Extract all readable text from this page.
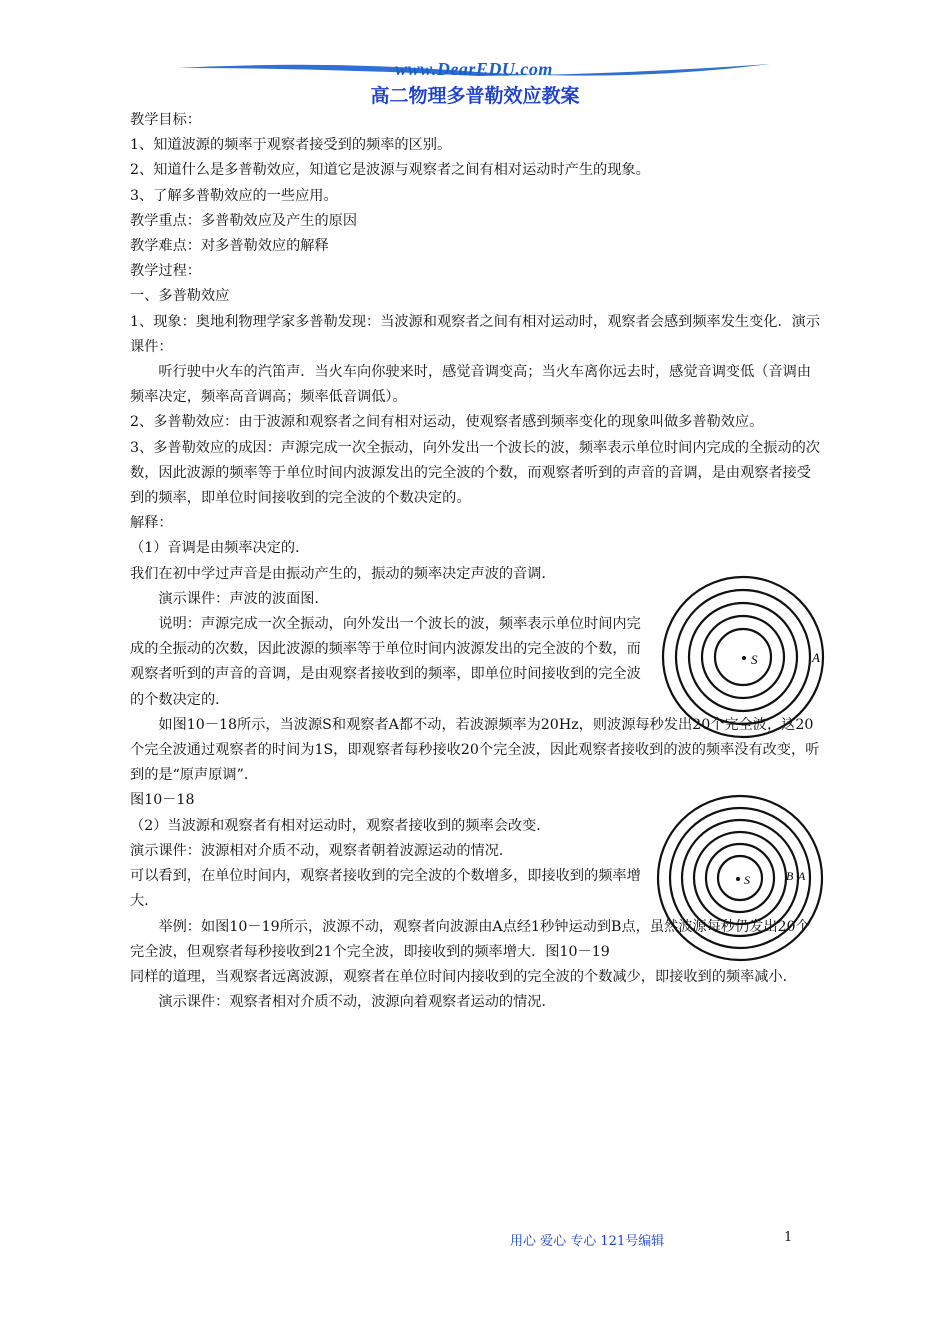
www.DearEDU.com
高二物理多普勒效应教案

教学目标：

1、知道波源的频率于观察者接受到的频率的区别。

2、知道什么是多普勒效应，知道它是波源与观察者之间有相对运动时产生的现象。

3、了解多普勒效应的一些应用。

教学重点：多普勒效应及产生的原因

教学难点：对多普勒效应的解释

教学过程：

一、多普勒效应

1、现象：奥地利物理学家多普勒发现：当波源和观察者之间有相对运动时，观察者会感到频率发生变化．演示课件：

听行驶中火车的汽笛声．当火车向你驶来时，感觉音调变高；当火车离你远去时，感觉音调变低（音调由频率决定，频率高音调高；频率低音调低）。

2、多普勒效应：由于波源和观察者之间有相对运动，使观察者感到频率变化的现象叫做多普勒效应。

3、多普勒效应的成因：声源完成一次全振动，向外发出一个波长的波，频率表示单位时间内完成的全振动的次数，因此波源的频率等于单位时间内波源发出的完全波的个数，而观察者听到的声音的音调，是由观察者接受到的频率，即单位时间接收到的完全波的个数决定的。

解释：

（1）音调是由频率决定的．

我们在初中学过声音是由振动产生的，振动的频率决定声波的音调．

演示课件：声波的波面图．

说明：声源完成一次全振动，向外发出一个波长的波，频率表示单位时间内完成的全振动的次数，因此波源的频率等于单位时间内波源发出的完全波的个数，而观察者听到的声音的音调，是由观察者接收到的频率，即单位时间接收到的完全波的个数决定的．

如图10－18所示，当波源S和观察者A都不动，若波源频率为20Hz，则波源每秒发出20个完全波，这20个完全波通过观察者的时间为1S，即观察者每秒接收20个完全波，因此观察者接收到的波的频率没有改变，听到的是“原声原调”．

图10－18

（2）当波源和观察者有相对运动时，观察者接收到的频率会改变．

演示课件：波源相对介质不动，观察者朝着波源运动的情况．

可以看到，在单位时间内，观察者接收到的完全波的个数增多，即接收到的频率增大．

举例：如图10－19所示，波源不动，观察者向波源由A点经1秒钟运动到B点，虽然波源每秒仍发出20个完全波，但观察者每秒接收到21个完全波，即接收到的频率增大．图10－19

同样的道理，当观察者远离波源，观察者在单位时间内接收到的完全波的个数减少，即接收到的频率减小．

演示课件：观察者相对介质不动，波源向着观察者运动的情况．

S	A
S	B A
用心 爱心 专心 121号编辑	1
